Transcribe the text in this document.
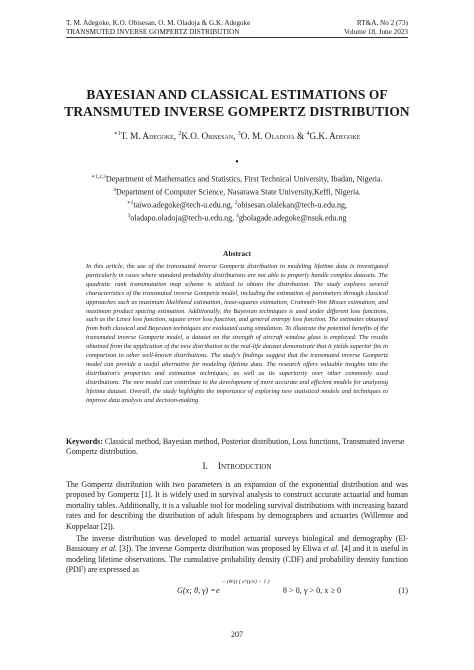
T. M. Adegoke, K.O. Obisesan, O. M. Oladoja & G.K. Adegoke	RT&A, No 2 (73)
TRANSMUTED INVERSE GOMPERTZ DISTRIBUTION	Volume 18, June 2023
BAYESIAN AND CLASSICAL ESTIMATIONS OF
TRANSMUTED INVERSE GOMPERTZ DISTRIBUTION
$^{∗1}$T. M. Adegoke, $^2$K.O. Obisesan, $^3$O. M. Oladoja & $^4$G.K. Adegoke
•
$^{∗1,2,3}$Department of Mathematics and Statistics, First Technical University, Ibadan, Nigeria.
$^4$Department of Computer Science, Nasarawa State University,Keffi, Nigeria.
$^{∗1}$taiwo.adegoke@tech-u.edu.ng, $^2$obisesan.olalekan@tech-u.edu.ng,
$^3$oladapo.oladoja@tech-u.edu.ng, $^4$gbolagade.adegoke@nsuk.edu.ng
Abstract
In this article, the use of the transmuted inverse Gompertz distribution in modeling lifetime data is investigated particularly in cases where standard probability distributions are not able to properly handle complex datasets. The quadratic rank transmutation map scheme is utilized to obtain the distribution. The study explores several characteristics of the transmuted inverse Gompertz model, including the estimation of parameters through classical approaches such as maximum likelihood estimation, least-squares estimation, Crammér-Von Misses estimation, and maximum product spacing estimation. Additionally, the Bayesian techniques is used under different loss functions, such as the Linex loss function, square error loss function, and general entropy loss function. The estimates obtained from both classical and Bayesian techniques are evaluated using simulation. To illustrate the potential benefits of the transmuted inverse Gompertz model, a dataset on the strength of aircraft window glass is employed. The results obtained from the application of the new distribution to the real-life dataset demonstrate that it yields superior fits in comparison to other well-known distributions. The study's findings suggest that the transmuted inverse Gompertz model can provide a useful alternative for modeling lifetime data. The research offers valuable insights into the distribution's properties and estimation techniques, as well as its superiority over other commonly used distributions. The new model can contribute to the development of more accurate and efficient models for analyzing lifetime dataset. Overall, the study highlights the importance of exploring new statistical models and techniques to improve data analysis and decision-making
Keywords: Classical method, Bayesian method, Posterior distribution, Loss functions, Transmuted inverse Gompertz distribution.
I. Introduction
The Gompertz distribution with two parameters is an expansion of the exponential distribution and was proposed by Gompertz [1]. It is widely used in survival analysis to construct accurate actuarial and human mortality tables. Additionally, it is a valuable tool for modeling survival distributions with increasing hazard rates and for describing the distribution of adult lifespans by demographers and actuaries (Willemse and Koppelaar [2]).
The inverse distribution was developed to model actuarial surveys biological and demography (El-Bassiouny et al. [3]). The inverse Gompertz distribution was proposed by Eliwa et al. [4] and it is useful in modeling lifetime observations. The cumulative probability density (CDF) and probability density function (PDF) are expressed as
G(x; θ, γ) = e
− (θ/γ) ( e^(γ/x) − 1 )
θ > 0, γ > 0, x ≥ 0	(1)
207
